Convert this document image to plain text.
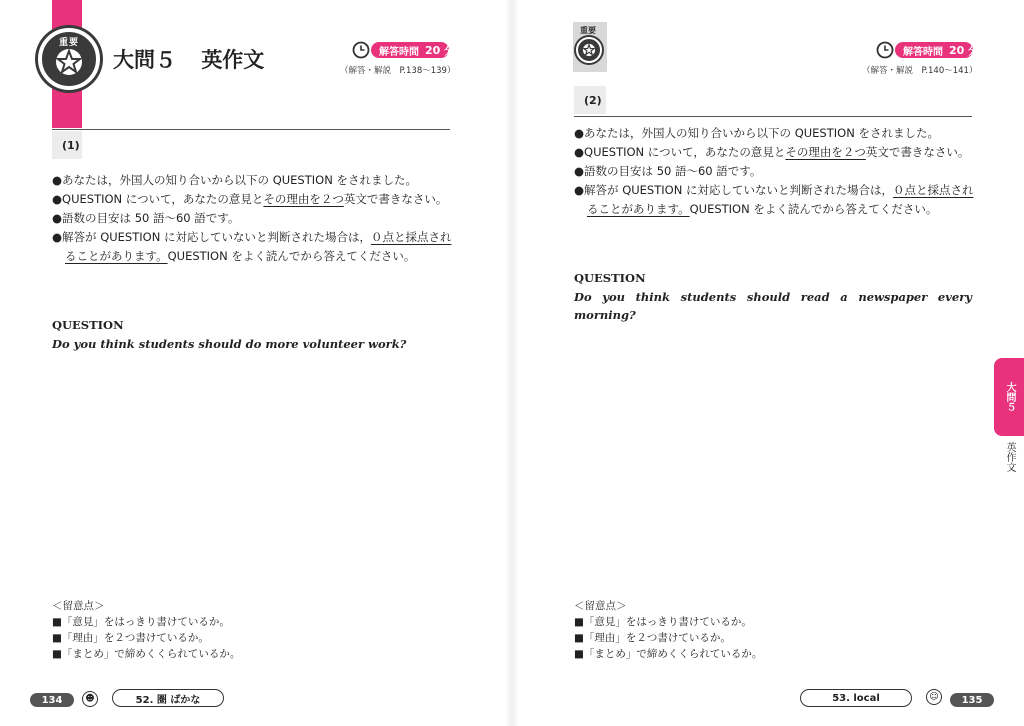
重要
大問５ 英作文	解答時間 20 分
（解答・解説　P.138～139）
(1)
●あなたは，外国人の知り合いから以下の QUESTION をされました。
●QUESTION について，あなたの意見とその理由を２つ英文で書きなさい。
●語数の目安は 50 語～60 語です。
●解答が QUESTION に対応していないと判断された場合は，０点と採点され
ることがあります。QUESTION をよく読んでから答えてください。
QUESTION
Do you think students should do more volunteer work?
＜留意点＞
■「意見」をはっきり書けているか。
■「理由」を２つ書けているか。
■「まとめ」で締めくくられているか。
134	☻	52. 圏 ばかな
重要
解答時間 20 分
（解答・解説　P.140～141）
(2)
●あなたは，外国人の知り合いから以下の QUESTION をされました。
●QUESTION について，あなたの意見とその理由を２つ英文で書きなさい。
●語数の目安は 50 語～60 語です。
●解答が QUESTION に対応していないと判断された場合は，０点と採点され
ることがあります。QUESTION をよく読んでから答えてください。
QUESTION
Do you think students should read a newspaper every morning?
＜留意点＞
■「意見」をはっきり書けているか。
■「理由」を２つ書けているか。
■「まとめ」で締めくくられているか。
53. local	☺	135
大問５
英作文
